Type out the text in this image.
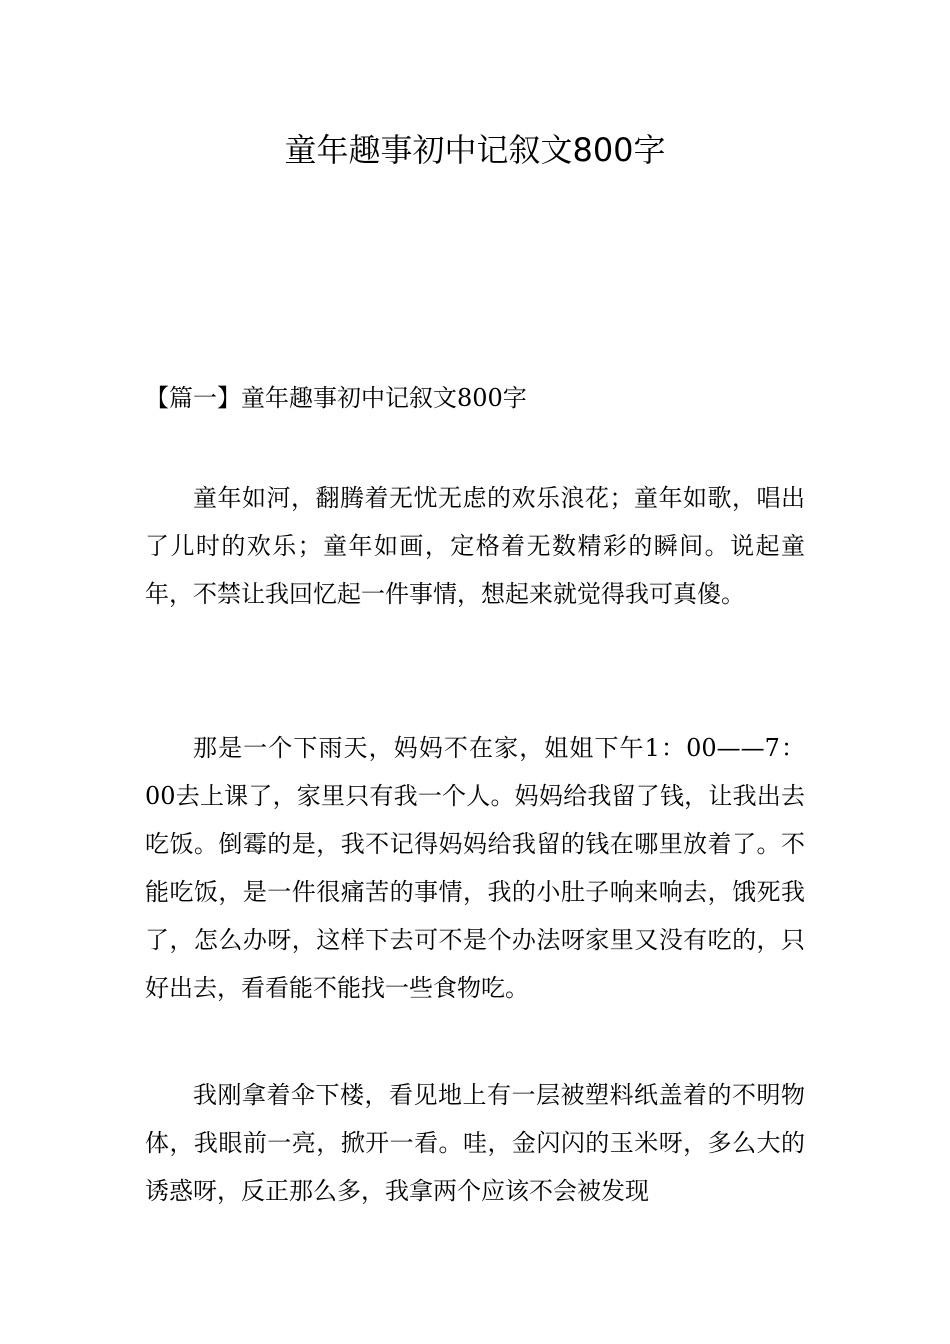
童年趣事初中记叙文800字

【篇一】童年趣事初中记叙文800字

童年如河，翻腾着无忧无虑的欢乐浪花；童年如歌，唱出了儿时的欢乐；童年如画，定格着无数精彩的瞬间。说起童年，不禁让我回忆起一件事情，想起来就觉得我可真傻。

那是一个下雨天，妈妈不在家，姐姐下午1：00——7：00去上课了，家里只有我一个人。妈妈给我留了钱，让我出去吃饭。倒霉的是，我不记得妈妈给我留的钱在哪里放着了。不能吃饭，是一件很痛苦的事情，我的小肚子响来响去，饿死我了，怎么办呀，这样下去可不是个办法呀家里又没有吃的，只好出去，看看能不能找一些食物吃。

我刚拿着伞下楼，看见地上有一层被塑料纸盖着的不明物体，我眼前一亮，掀开一看。哇，金闪闪的玉米呀，多么大的诱惑呀，反正那么多，我拿两个应该不会被发现
